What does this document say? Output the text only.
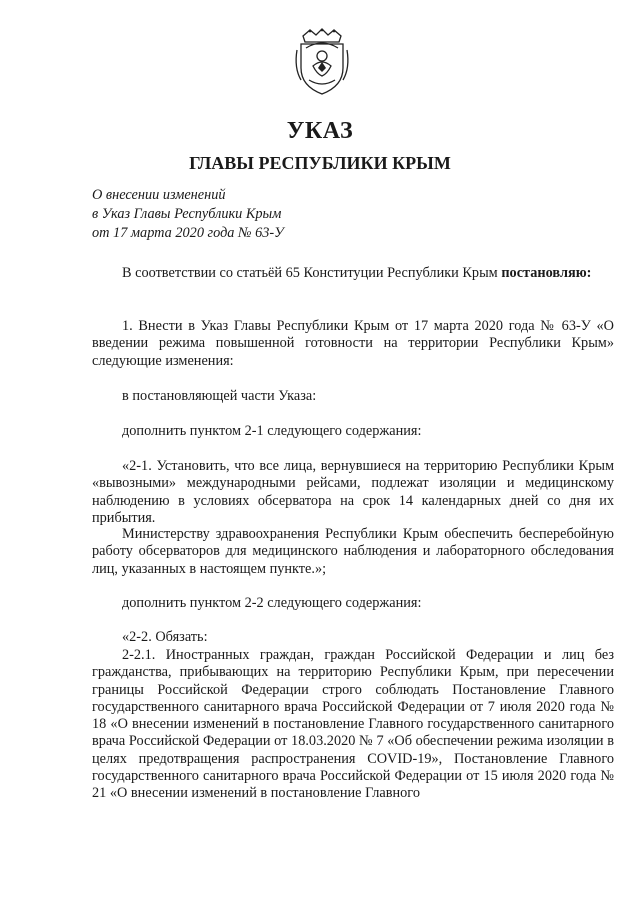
УКАЗ
ГЛАВЫ РЕСПУБЛИКИ КРЫМ
О внесении изменений
в Указ Главы Республики Крым
от 17 марта 2020 года № 63-У

В соответствии со статьёй 65 Конституции Республики Крым постановляю:

1. Внести в Указ Главы Республики Крым от 17 марта 2020 года № 63-У «О введении режима повышенной готовности на территории Республики Крым» следующие изменения:

в постановляющей части Указа:

дополнить пунктом 2-1 следующего содержания:

«2-1. Установить, что все лица, вернувшиеся на территорию Республики Крым «вывозными» международными рейсами, подлежат изоляции и медицинскому наблюдению в условиях обсерватора на срок 14 календарных дней со дня их прибытия.

Министерству здравоохранения Республики Крым обеспечить бесперебойную работу обсерваторов для медицинского наблюдения и лабораторного обследования лиц, указанных в настоящем пункте.»;

дополнить пунктом 2-2 следующего содержания:

«2-2. Обязать:

2-2.1. Иностранных граждан, граждан Российской Федерации и лиц без гражданства, прибывающих на территорию Республики Крым, при пересечении границы Российской Федерации строго соблюдать Постановление Главного государственного санитарного врача Российской Федерации от 7 июля 2020 года № 18 «О внесении изменений в постановление Главного государственного санитарного врача Российской Федерации от 18.03.2020 № 7 «Об обеспечении режима изоляции в целях предотвращения распространения COVID-19», Постановление Главного государственного санитарного врача Российской Федерации от 15 июля 2020 года № 21 «О внесении изменений в постановление Главного
